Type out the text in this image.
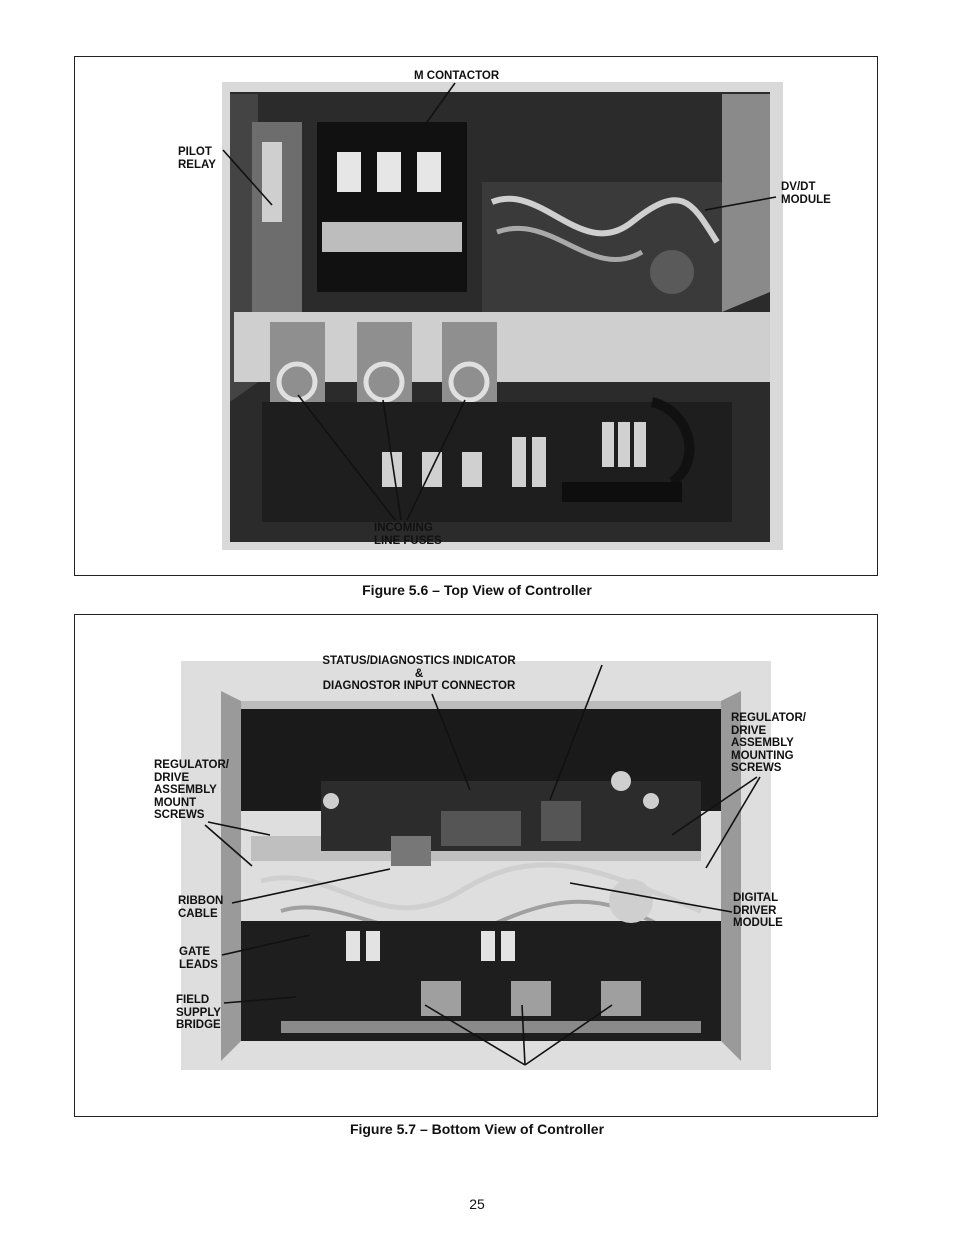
M CONTACTOR
PILOT
RELAY
DV/DT
MODULE
INCOMING
LINE FUSES
Figure 5.6 – Top View of Controller
STATUS/DIAGNOSTICS INDICATOR
&
DIAGNOSTOR INPUT CONNECTOR
REGULATOR/
DRIVE
ASSEMBLY
MOUNTING
SCREWS
REGULATOR/
DRIVE
ASSEMBLY
MOUNT
SCREWS
RIBBON
CABLE
GATE
LEADS
FIELD
SUPPLY
BRIDGE
DIGITAL
DRIVER
MODULE
Figure 5.7 – Bottom View of Controller
25
